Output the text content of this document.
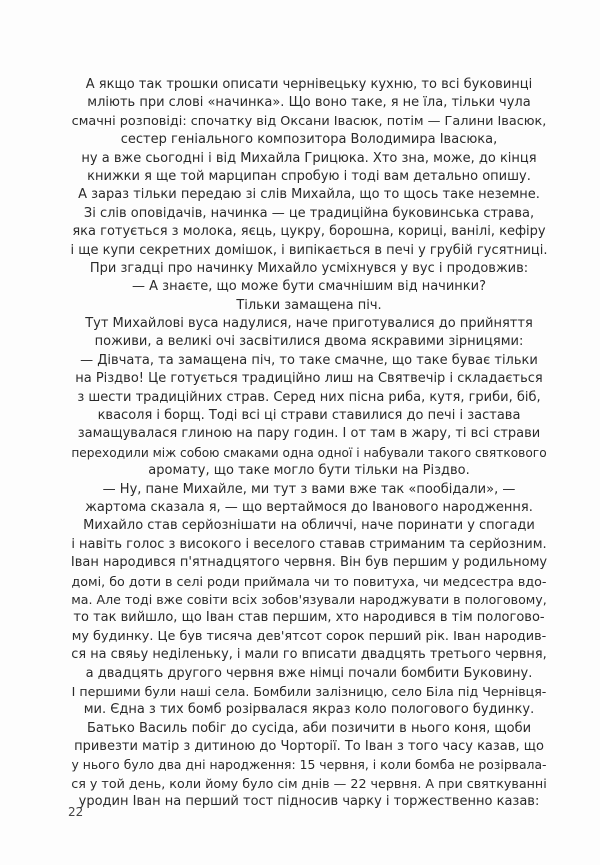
А якщо так трошки описати чернівецьку кухню, то всі буковинці
мліють при слові «начинка». Що воно таке, я не їла, тільки чула
смачні розповіді: спочатку від Оксани Івасюк, потім — Галини Івасюк,
сестер геніального композитора Володимира Івасюка,
ну а вже сьогодні і від Михайла Грицюка. Хто зна, може, до кінця
книжки я ще той марципан спробую і тоді вам детально опишу.
А зараз тільки передаю зі слів Михайла, що то щось таке неземне.
Зі слів оповідачів, начинка — це традиційна буковинська страва,
яка готується з молока, яєць, цукру, борошна, кориці, ванілі, кефіру
і ще купи секретних домішок, і випікається в печі у грубій гусятниці.
При згадці про начинку Михайло усміхнувся у вус і продовжив:
— А знаєте, що може бути смачнішим від начинки?
Тільки замащена піч.
Тут Михайлові вуса надулися, наче приготувалися до прийняття
поживи, а великі очі засвітилися двома яскравими зірницями:
— Дівчата, та замащена піч, то таке смачне, що таке буває тільки
на Різдво! Це готується традиційно лиш на Святвечір і складається
з шести традиційних страв. Серед них пісна риба, кутя, гриби, біб,
квасоля і борщ. Тоді всі ці страви ставилися до печі і застава
замащувалася глиною на пару годин. І от там в жару, ті всі страви
переходили між собою смаками одна одної і набували такого святкового
аромату, що таке могло бути тільки на Різдво.
— Ну, пане Михайле, ми тут з вами вже так «пообідали», —
жартома сказала я, — що вертаймося до Іванового народження.
Михайло став серйознішати на обличчі, наче поринати у спогади
і навіть голос з високого і веселого ставав стриманим та серйозним.
Іван народився п'ятнадцятого червня. Він був першим у родильному
домі, бо доти в селі роди приймала чи то повитуха, чи медсестра вдо-
ма. Але тоді вже совіти всіх зобов'язували народжувати в пологовому,
то так вийшло, що Іван став першим, хто народився в тім пологово-
му будинку. Це був тисяча дев'ятсот сорок перший рік. Іван народив-
ся на свяьу неділеньку, і мали го вписати двадцять третього червня,
а двадцять другого червня вже німці почали бомбити Буковину.
І першими були наші села. Бомбили залізницю, село Біла під Чернівця-
ми. Єдна з тих бомб розірвалася якраз коло пологового будинку.
Батько Василь побіг до сусіда, аби позичити в нього коня, щоби
привезти матір з дитиною до Чорторії. То Іван з того часу казав, що
у нього було два дні народження: 15 червня, і коли бомба не розірвала-
ся у той день, коли йому було сім днів — 22 червня. А при святкуванні
уродин Іван на перший тост підносив чарку і торжественно казав:
22
